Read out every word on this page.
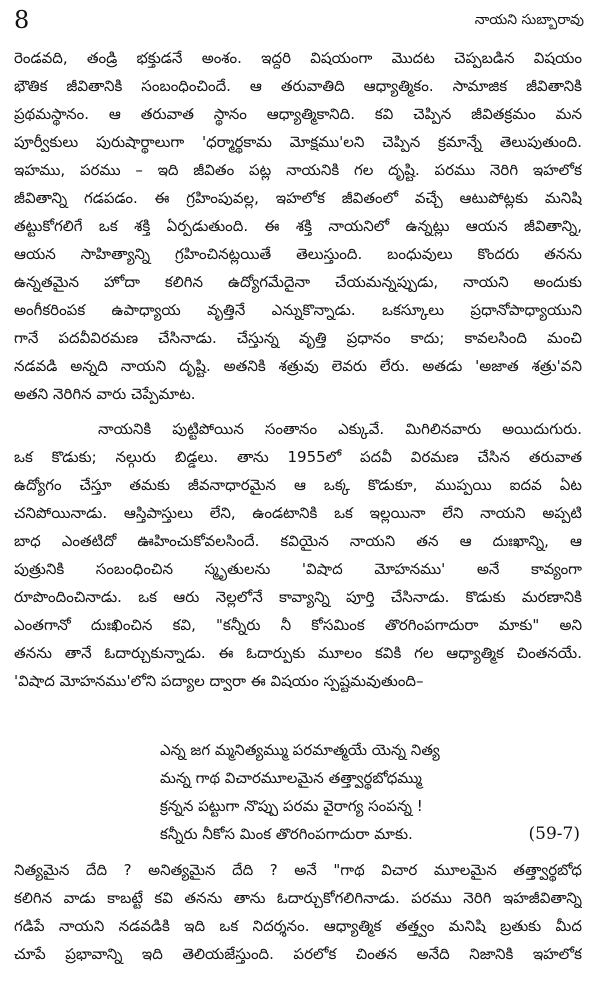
8	నాయని సుబ్బారావు
రెండవది, తండ్రి భక్తుడనే అంశం. ఇద్దరి విషయంగా మొదట చెప్పబడిన విషయం
భౌతిక జీవితానికి సంబంధించిందే. ఆ తరువాతిది ఆధ్యాత్మికం. సామాజిక జీవితానికి
ప్రథమస్థానం. ఆ తరువాత స్థానం ఆధ్యాత్మికానిది. కవి చెప్పిన జీవితక్రమం మన
పూర్వీకులు పురుషార్థాలుగా 'ధర్మార్థకామ మోక్షము'లని చెప్పిన క్రమాన్నే తెలుపుతుంది.
ఇహము, పరము – ఇది జీవితం పట్ల నాయనికి గల దృష్టి. పరము నెరిగి ఇహలోక
జీవితాన్ని గడపడం. ఈ గ్రహింపువల్ల, ఇహలోక జీవితంలో వచ్చే ఆటుపోట్లకు మనిషి
తట్టుకోగలిగే ఒక శక్తి ఏర్పడుతుంది. ఈ శక్తి నాయనిలో ఉన్నట్లు ఆయన జీవితాన్ని,
ఆయన సాహిత్యాన్ని గ్రహించినట్లయితే తెలుస్తుంది. బంధువులు కొందరు తనను
ఉన్నతమైన హోదా కలిగిన ఉద్యోగమేదైనా చేయమన్నప్పుడు, నాయని అందుకు
అంగీకరింపక ఉపాధ్యాయ వృత్తినే ఎన్నుకొన్నాడు. ఒకస్కూలు ప్రధానోపాధ్యాయుని
గానే పదవీవిరమణ చేసినాడు. చేస్తున్న వృత్తి ప్రధానం కాదు; కావలసింది మంచి
నడవడి అన్నది నాయని దృష్టి. అతనికి శత్రువు లెవరు లేరు. అతడు 'అజాత శత్రు'వని
అతని నెరిగిన వారు చెప్పేమాట.
నాయనికి పుట్టిపోయిన సంతానం ఎక్కువే. మిగిలినవారు అయిదుగురు.
ఒక కొడుకు; నల్గురు బిడ్డలు. తాను 1955లో పదవీ విరమణ చేసిన తరువాత
ఉద్యోగం చేస్తూ తమకు జీవనాధారమైన ఆ ఒక్క కొడుకూ, ముప్పయి ఐదవ ఏట
చనిపోయినాడు. ఆస్తిపాస్తులు లేని, ఉండటానికి ఒక ఇల్లయినా లేని నాయని అప్పటి
బాధ ఎంతటిదో ఊహించుకోవలసిందే. కవియైన నాయని తన ఆ దుఃఖాన్ని, ఆ
పుత్రునికి సంబంధించిన స్మృతులను 'విషాద మోహనము' అనే కావ్యంగా
రూపొందించినాడు. ఒక ఆరు నెల్లలోనే కావ్యాన్ని పూర్తి చేసినాడు. కొడుకు మరణానికి
ఎంతగానో దుఃఖించిన కవి, "కన్నీరు నీ కోసమింక తొరగింపగాదురా మాకు" అని
తనను తానే ఓదార్చుకున్నాడు. ఈ ఓదార్పుకు మూలం కవికి గల ఆధ్యాత్మిక చింతనయే.
'విషాద మోహనము'లోని పద్యాల ద్వారా ఈ విషయం స్పష్టమవుతుంది–
ఎన్న జగ మ్మనిత్యమ్ము పరమాత్మయే యెన్న నిత్య
మన్న గాథ విచారమూలమైన తత్త్వార్థబోధమ్ము
క్రన్నన పట్టుగా నొప్పు పరమ వైరాగ్య సంపన్న !
కన్నీరు నీకోస మింక తొరగింపగాదురా మాకు.	(59-7)
నిత్యమైన దేది ? అనిత్యమైన దేది ? అనే "గాథ విచార మూలమైన తత్త్వార్థబోధ
కలిగిన వాడు కాబట్టే కవి తనను తాను ఓదార్చుకోగలిగినాడు. పరము నెరిగి ఇహజీవితాన్ని
గడిపే నాయని నడవడికి ఇది ఒక నిదర్శనం. ఆధ్యాత్మిక తత్త్వం మనిషి బ్రతుకు మీద
చూపే ప్రభావాన్ని ఇది తెలియజేస్తుంది. పరలోక చింతన అనేది నిజానికి ఇహలోక
